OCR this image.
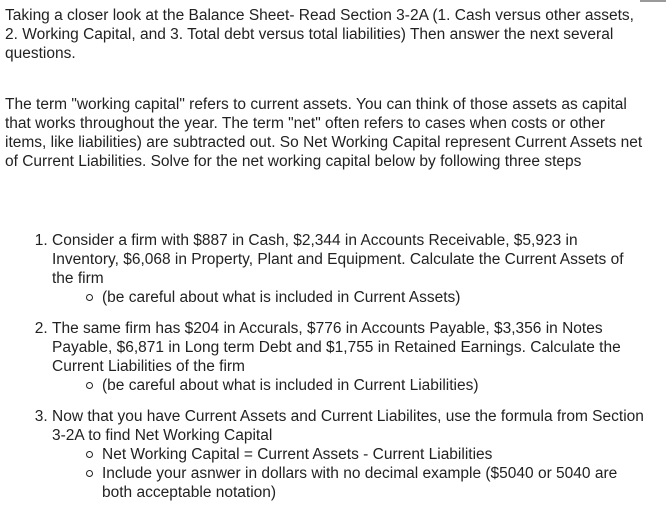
Taking a closer look at the Balance Sheet- Read Section 3-2A (1. Cash versus other assets, 2. Working Capital, and 3. Total debt versus total liabilities) Then answer the next several questions.

The term "working capital" refers to current assets. You can think of those assets as capital that works throughout the year. The term "net" often refers to cases when costs or other items, like liabilities) are subtracted out. So Net Working Capital represent Current Assets net of Current Liabilities. Solve for the net working capital below by following three steps

1. Consider a firm with $887 in Cash, $2,344 in Accounts Receivable, $5,923 in Inventory, $6,068 in Property, Plant and Equipment. Calculate the Current Assets of the firm
(be careful about what is included in Current Assets)
2. The same firm has $204 in Accurals, $776 in Accounts Payable, $3,356 in Notes Payable, $6,871 in Long term Debt and $1,755 in Retained Earnings. Calculate the Current Liabilities of the firm
(be careful about what is included in Current Liabilities)
3. Now that you have Current Assets and Current Liabilites, use the formula from Section 3-2A to find Net Working Capital
Net Working Capital = Current Assets - Current Liabilities
Include your asnwer in dollars with no decimal example ($5040 or 5040 are both acceptable notation)
